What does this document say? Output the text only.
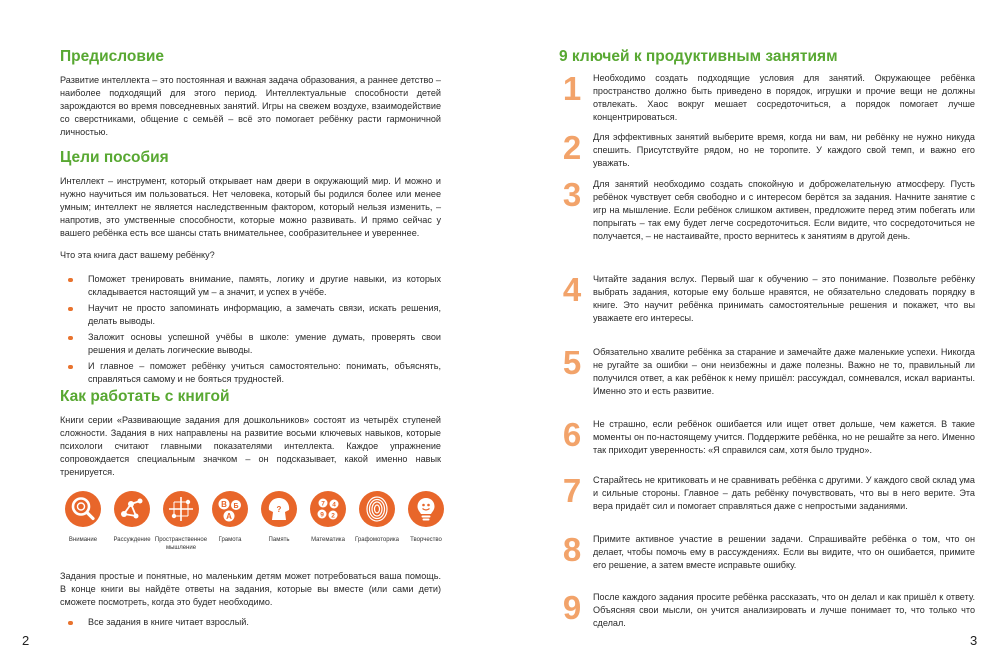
Предисловие

Развитие интеллекта – это постоянная и важная задача образования, а раннее детство – наиболее подходящий для этого период. Интеллектуальные способности детей зарождаются во время повседневных занятий. Игры на свежем воздухе, взаимодействие со сверстниками, общение с семьёй – всё это помогает ребёнку расти гармоничной личностью.

Цели пособия

Интеллект – инструмент, который открывает нам двери в окружающий мир. И можно и нужно научиться им пользоваться. Нет человека, который бы родился более или менее умным; интеллект не является наследственным фактором, который нельзя изменить, – напротив, это умственные способности, которые можно развивать. И прямо сейчас у вашего ребёнка есть все шансы стать внимательнее, сообразительнее и увереннее.

Что эта книга даст вашему ребёнку?

Поможет тренировать внимание, память, логику и другие навыки, из которых складывается настоящий ум – а значит, и успех в учёбе.
Научит не просто запоминать информацию, а замечать связи, искать решения, делать выводы.
Заложит основы успешной учёбы в школе: умение думать, проверять свои решения и делать логические выводы.
И главное – поможет ребёнку учиться самостоятельно: понимать, объяснять, справляться самому и не бояться трудностей.
Как работать с книгой

Книги серии «Развивающие задания для дошкольников» состоят из четырёх ступеней сложности. Задания в них направлены на развитие восьми ключевых навыков, которые психологи считают главными показателями интеллекта. Каждое упражнение сопровождается специальным значком – он подсказывает, какой именно навык тренируется.

Внимание	Рассуждение Пространственное мышление
В Б
А
Грамота
?
Память
7 4
9 2
Математика	Графомоторика	Творчество

Задания простые и понятные, но маленьким детям может потребоваться ваша помощь. В конце книги вы найдёте ответы на задания, которые вы вместе (или сами дети) сможете посмотреть, когда это будет необходимо.

Все задания в книге читает взрослый.
2
9 ключей к продуктивным занятиям
1	Необходимо создать подходящие условия для занятий. Окружающее ребёнка пространство должно быть приведено в порядок, игрушки и прочие вещи не должны отвлекать. Хаос вокруг мешает сосредоточиться, а порядок помогает лучше концентрироваться.
2	Для эффективных занятий выберите время, когда ни вам, ни ребёнку не нужно никуда спешить. Присутствуйте рядом, но не торопите. У каждого свой темп, и важно его уважать.
3	Для занятий необходимо создать спокойную и доброжелательную атмосферу. Пусть ребёнок чувствует себя свободно и с интересом берётся за задания. Начните занятие с игр на мышление. Если ребёнок слишком активен, предложите перед этим побегать или попрыгать – так ему будет легче сосредоточиться. Если видите, что сосредоточиться не получается, – не настаивайте, просто вернитесь к занятиям в другой день.
4	Читайте задания вслух. Первый шаг к обучению – это понимание. Позвольте ребёнку выбрать задания, которые ему больше нравятся, не обязательно следовать порядку в книге. Это научит ребёнка принимать самостоятельные решения и покажет, что вы уважаете его интересы.
5	Обязательно хвалите ребёнка за старание и замечайте даже маленькие успехи. Никогда не ругайте за ошибки – они неизбежны и даже полезны. Важно не то, правильный ли получился ответ, а как ребёнок к нему пришёл: рассуждал, сомневался, искал варианты. Именно это и есть развитие.
6	Не страшно, если ребёнок ошибается или ищет ответ дольше, чем кажется. В такие моменты он по-настоящему учится. Поддержите ребёнка, но не решайте за него. Именно так приходит уверенность: «Я справился сам, хотя было трудно».
7	Старайтесь не критиковать и не сравнивать ребёнка с другими. У каждого свой склад ума и сильные стороны. Главное – дать ребёнку почувствовать, что вы в него верите. Эта вера придаёт сил и помогает справляться даже с непростыми заданиями.
8	Примите активное участие в решении задачи. Спрашивайте ребёнка о том, что он делает, чтобы помочь ему в рассуждениях. Если вы видите, что он ошибается, примите его решение, а затем вместе исправьте ошибку.
9	После каждого задания просите ребёнка рассказать, что он делал и как пришёл к ответу. Объясняя свои мысли, он учится анализировать и лучше понимает то, что только что сделал.
3
